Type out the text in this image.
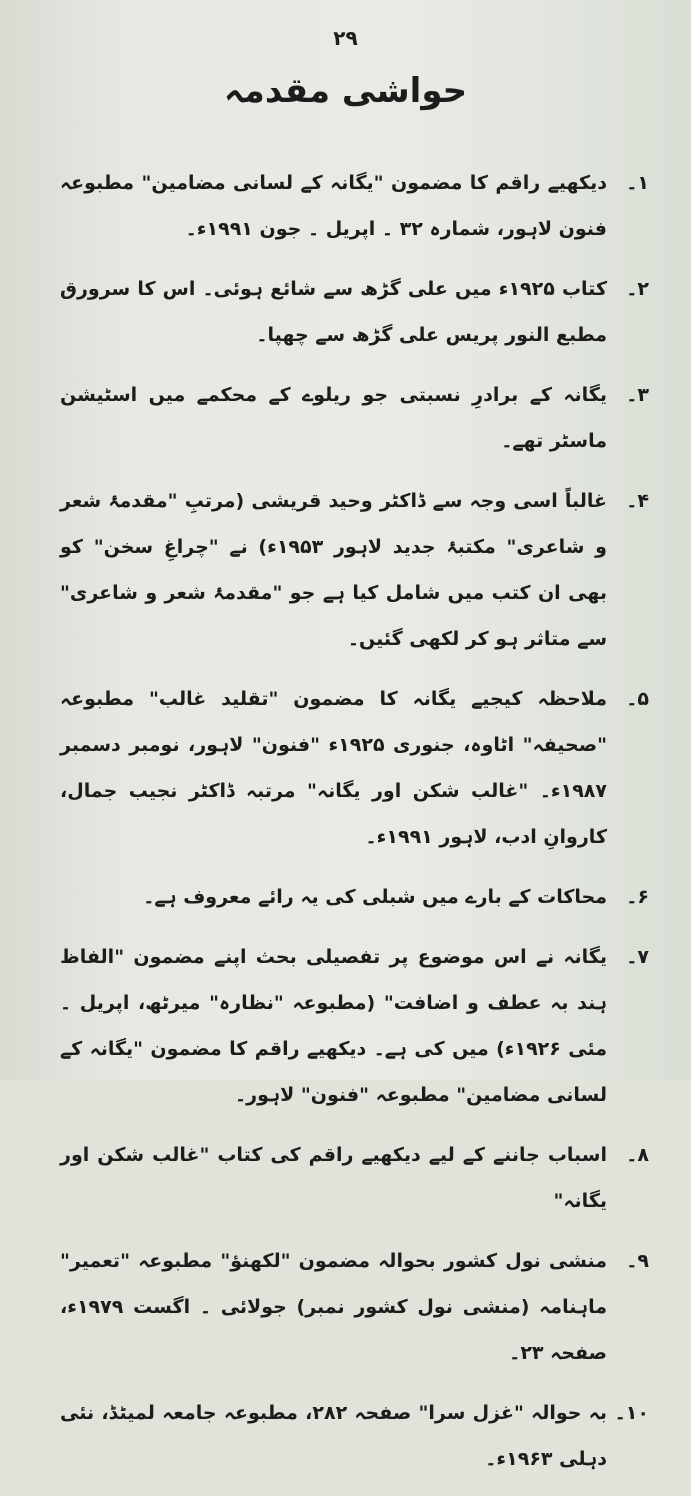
۲۹
حواشی مقدمہ
۱۔
دیکھیے راقم کا مضمون "یگانہ کے لسانی مضامین" مطبوعہ فنون لاہور، شمارہ ۳۲ ۔ اپریل ۔ جون ۱۹۹۱ء۔
۲۔
کتاب ۱۹۲۵ء میں علی گڑھ سے شائع ہوئی۔ اس کا سرورق مطبع النور پریس علی گڑھ سے چھپا۔
۳۔
یگانہ کے برادرِ نسبتی جو ریلوے کے محکمے میں اسٹیشن ماسٹر تھے۔
۴۔
غالباً اسی وجہ سے ڈاکٹر وحید قریشی (مرتبِ "مقدمۂ شعر و شاعری" مکتبۂ جدید لاہور ۱۹۵۳ء) نے "چراغِ سخن" کو بھی ان کتب میں شامل کیا ہے جو "مقدمۂ شعر و شاعری" سے متاثر ہو کر لکھی گئیں۔
۵۔
ملاحظہ کیجیے یگانہ کا مضمون "تقلید غالب" مطبوعہ "صحیفہ" اٹاوہ، جنوری ۱۹۲۵ء "فنون" لاہور، نومبر دسمبر ۱۹۸۷ء۔ "غالب شکن اور یگانہ" مرتبہ ڈاکٹر نجیب جمال، کاروانِ ادب، لاہور ۱۹۹۱ء۔
۶۔
محاکات کے بارے میں شبلی کی یہ رائے معروف ہے۔
۷۔
یگانہ نے اس موضوع پر تفصیلی بحث اپنے مضمون "الفاظ ہند بہ عطف و اضافت" (مطبوعہ "نظارہ" میرٹھ، اپریل ۔ مئی ۱۹۲۶ء) میں کی ہے۔ دیکھیے راقم کا مضمون "یگانہ کے لسانی مضامین" مطبوعہ "فنون" لاہور۔
۸۔
اسباب جاننے کے لیے دیکھیے راقم کی کتاب "غالب شکن اور یگانہ"
۹۔
منشی نول کشور بحوالہ مضمون "لکھنؤ" مطبوعہ "تعمیر" ماہنامہ (منشی نول کشور نمبر) جولائی ۔ اگست ۱۹۷۹ء، صفحہ ۲۳۔
۱۰۔
بہ حوالہ "غزل سرا" صفحہ ۲۸۲، مطبوعہ جامعہ لمیٹڈ، نئی دہلی ۱۹۶۳ء۔
